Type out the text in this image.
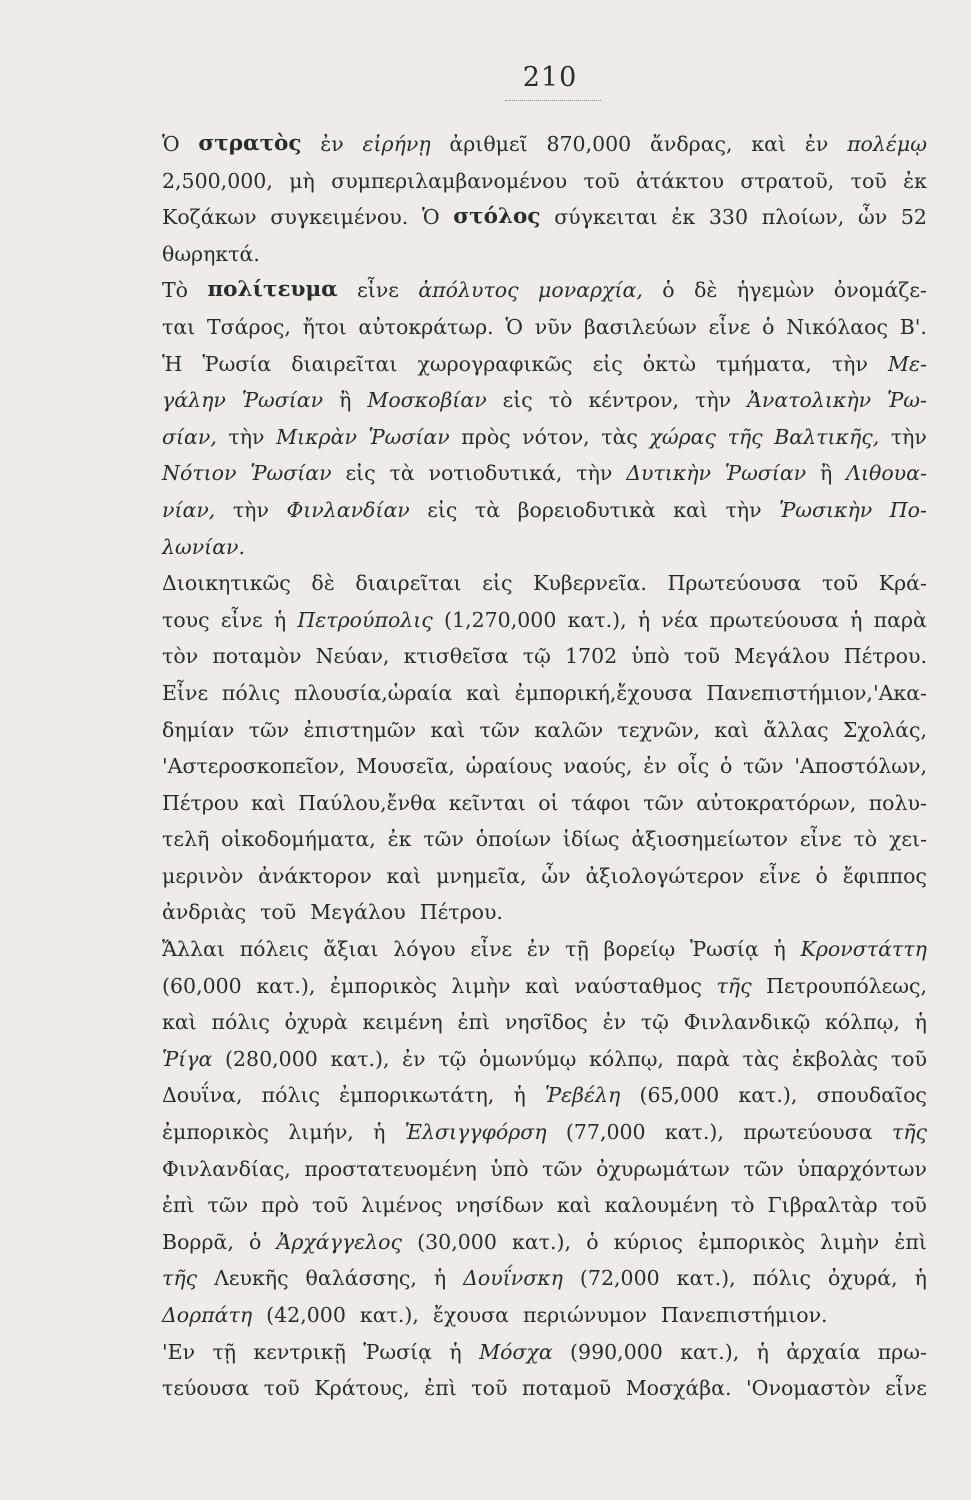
210
Ὁ στρατὸς ἐν εἰρήνῃ ἀριθμεῖ 870,000 ἄνδρας, καὶ ἐν πολέμῳ
2,500,000, μὴ συμπεριλαμβανομένου τοῦ ἀτάκτου στρατοῦ, τοῦ ἐκ
Κοζάκων συγκειμένου. Ὁ στόλος σύγκειται ἐκ 330 πλοίων, ὧν 52
θωρηκτά.
Τὸ πολίτευμα εἶνε ἀπόλυτος μοναρχία, ὁ δὲ ἡγεμὼν ὀνομάζε-
ται Τσάρος, ἤτοι αὐτοκράτωρ. Ὁ νῦν βασιλεύων εἶνε ὁ Νικόλαος Β'.
Ἡ Ῥωσία διαιρεῖται χωρογραφικῶς εἰς ὀκτὼ τμήματα, τὴν Με-
γάλην Ῥωσίαν ἢ Μοσκοβίαν εἰς τὸ κέντρον, τὴν Ἀνατολικὴν Ῥω-
σίαν, τὴν Μικρὰν Ῥωσίαν πρὸς νότον, τὰς χώρας τῆς Βαλτικῆς, τὴν
Νότιον Ῥωσίαν εἰς τὰ νοτιοδυτικά, τὴν Δυτικὴν Ῥωσίαν ἢ Λιθουα-
νίαν, τὴν Φινλανδίαν εἰς τὰ βορειοδυτικὰ καὶ τὴν Ῥωσικὴν Πο-
λωνίαν.
Διοικητικῶς δὲ διαιρεῖται εἰς Κυβερνεῖα. Πρωτεύουσα τοῦ Κρά-
τους εἶνε ἡ Πετρούπολις (1,270,000 κατ.), ἡ νέα πρωτεύουσα ἡ παρὰ
τὸν ποταμὸν Νεύαν, κτισθεῖσα τῷ 1702 ὑπὸ τοῦ Μεγάλου Πέτρου.
Εἶνε πόλις πλουσία,ὡραία καὶ ἐμπορική,ἔχουσα Πανεπιστήμιον,'Ακα-
δημίαν τῶν ἐπιστημῶν καὶ τῶν καλῶν τεχνῶν, καὶ ἄλλας Σχολάς,
'Αστεροσκοπεῖον, Μουσεῖα, ὡραίους ναούς, ἐν οἷς ὁ τῶν 'Αποστόλων,
Πέτρου καὶ Παύλου,ἔνθα κεῖνται οἱ τάφοι τῶν αὐτοκρατόρων, πολυ-
τελῆ οἰκοδομήματα, ἐκ τῶν ὁποίων ἰδίως ἀξιοσημείωτον εἶνε τὸ χει-
μερινὸν ἀνάκτορον καὶ μνημεῖα, ὧν ἀξιολογώτερον εἶνε ὁ ἔφιππος
ἀνδριὰς τοῦ Μεγάλου Πέτρου.
Ἄλλαι πόλεις ἄξιαι λόγου εἶνε ἐν τῇ βορείῳ Ῥωσίᾳ ἡ Κρονστάττη
(60,000 κατ.), ἐμπορικὸς λιμὴν καὶ ναύσταθμος τῆς Πετρουπόλεως,
καὶ πόλις ὀχυρὰ κειμένη ἐπὶ νησῖδος ἐν τῷ Φινλανδικῷ κόλπῳ, ἡ
Ῥίγα (280,000 κατ.), ἐν τῷ ὁμωνύμῳ κόλπῳ, παρὰ τὰς ἐκβολὰς τοῦ
Δουΐνα, πόλις ἐμπορικωτάτη, ἡ Ῥεβέλη (65,000 κατ.), σπουδαῖος
ἐμπορικὸς λιμήν, ἡ Ἑλσιγγφόρση (77,000 κατ.), πρωτεύουσα τῆς
Φινλανδίας, προστατευομένη ὑπὸ τῶν ὀχυρωμάτων τῶν ὑπαρχόντων
ἐπὶ τῶν πρὸ τοῦ λιμένος νησίδων καὶ καλουμένη τὸ Γιβραλτὰρ τοῦ
Βορρᾶ, ὁ Ἀρχάγγελος (30,000 κατ.), ὁ κύριος ἐμπορικὸς λιμὴν ἐπὶ
τῆς Λευκῆς θαλάσσης, ἡ Δουΐνσκη (72,000 κατ.), πόλις ὀχυρά, ἡ
Δορπάτη (42,000 κατ.), ἔχουσα περιώνυμον Πανεπιστήμιον.
'Εν τῇ κεντρικῇ Ῥωσίᾳ ἡ Μόσχα (990,000 κατ.), ἡ ἀρχαία πρω-
τεύουσα τοῦ Κράτους, ἐπὶ τοῦ ποταμοῦ Μοσχάβα. 'Ονομαστὸν εἶνε
